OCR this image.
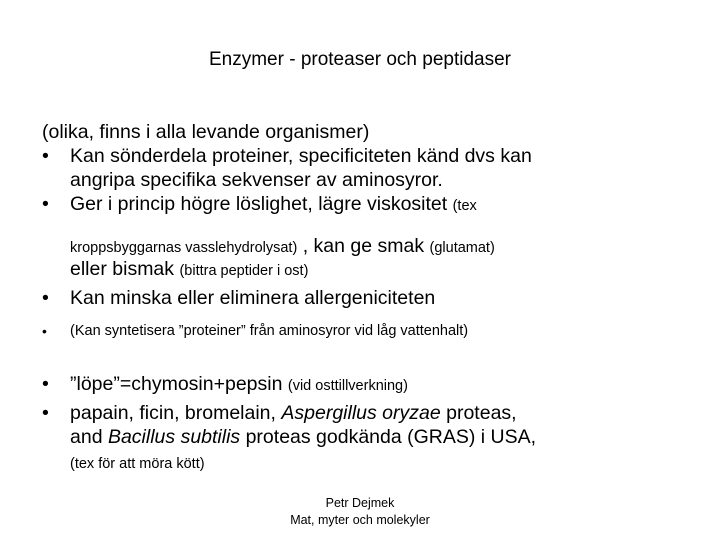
Enzymer - proteaser och peptidaser
(olika, finns i alla levande organismer)
• Kan sönderdela proteiner, specificiteten känd dvs kan
angripa specifika sekvenser av aminosyror.
• Ger i princip högre löslighet, lägre viskositet (tex
kroppsbyggarnas vasslehydrolysat) , kan ge smak (glutamat)
eller bismak (bittra peptider i ost)
• Kan minska eller eliminera allergeniciteten
• (Kan syntetisera ”proteiner” från aminosyror vid låg vattenhalt)
• ”löpe”=chymosin+pepsin (vid osttillverkning)
• papain, ficin, bromelain, Aspergillus oryzae proteas,
and Bacillus subtilis proteas godkända (GRAS) i USA,
(tex för att möra kött)
Petr Dejmek
Mat, myter och molekyler
